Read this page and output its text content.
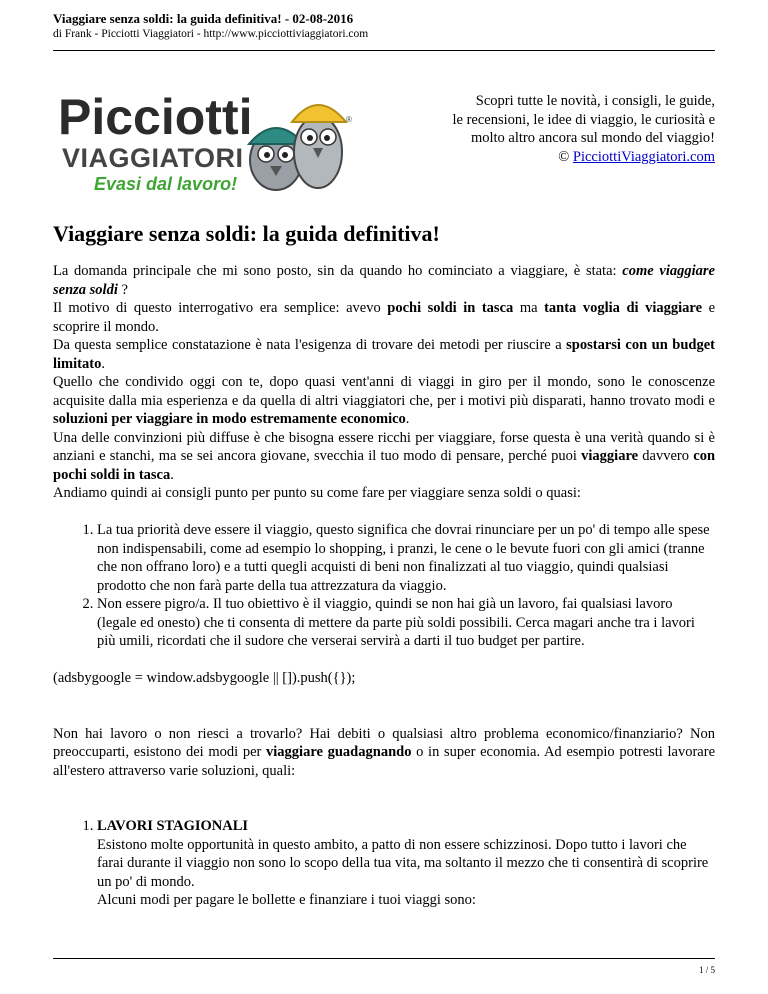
Viaggiare senza soldi: la guida definitiva! - 02-08-2016
di Frank - Picciotti Viaggiatori - http://www.picciottiviaggiatori.com
Picciotti
VIAGGIATORI
Evasi dal lavoro!
®
Scopri tutte le novità, i consigli, le guide,
le recensioni, le idee di viaggio, le curiosità e
molto altro ancora sul mondo del viaggio!
© PicciottiViaggiatori.com
Viaggiare senza soldi: la guida definitiva!

La domanda principale che mi sono posto, sin da quando ho cominciato a viaggiare, è stata: come viaggiare senza soldi ?

Il motivo di questo interrogativo era semplice: avevo pochi soldi in tasca ma tanta voglia di viaggiare e scoprire il mondo.

Da questa semplice constatazione è nata l'esigenza di trovare dei metodi per riuscire a spostarsi con un budget limitato.

Quello che condivido oggi con te, dopo quasi vent'anni di viaggi in giro per il mondo, sono le conoscenze acquisite dalla mia esperienza e da quella di altri viaggiatori che, per i motivi più disparati, hanno trovato modi e soluzioni per viaggiare in modo estremamente economico.

Una delle convinzioni più diffuse è che bisogna essere ricchi per viaggiare, forse questa è una verità quando si è anziani e stanchi, ma se sei ancora giovane, svecchia il tuo modo di pensare, perché puoi viaggiare davvero con pochi soldi in tasca.

Andiamo quindi ai consigli punto per punto su come fare per viaggiare senza soldi o quasi:

1. La tua priorità deve essere il viaggio, questo significa che dovrai rinunciare per un po' di tempo alle spese non indispensabili, come ad esempio lo shopping, i pranzi, le cene o le bevute fuori con gli amici (tranne che non offrano loro) e a tutti quegli acquisti di beni non finalizzati al tuo viaggio, quindi qualsiasi prodotto che non farà parte della tua attrezzatura da viaggio.
2. Non essere pigro/a. Il tuo obiettivo è il viaggio, quindi se non hai già un lavoro, fai qualsiasi lavoro (legale ed onesto) che ti consenta di mettere da parte più soldi possibili. Cerca magari anche tra i lavori più umili, ricordati che il sudore che verserai servirà a darti il tuo budget per partire.

(adsbygoogle = window.adsbygoogle || []).push({});

Non hai lavoro o non riesci a trovarlo? Hai debiti o qualsiasi altro problema economico/finanziario? Non preoccuparti, esistono dei modi per viaggiare guadagnando o in super economia. Ad esempio potresti lavorare all'estero attraverso varie soluzioni, quali:

1. LAVORI STAGIONALI
Esistono molte opportunità in questo ambito, a patto di non essere schizzinosi. Dopo tutto i lavori che farai durante il viaggio non sono lo scopo della tua vita, ma soltanto il mezzo che ti consentirà di scoprire un po' di mondo.
Alcuni modi per pagare le bollette e finanziare i tuoi viaggi sono:
1 / 5
